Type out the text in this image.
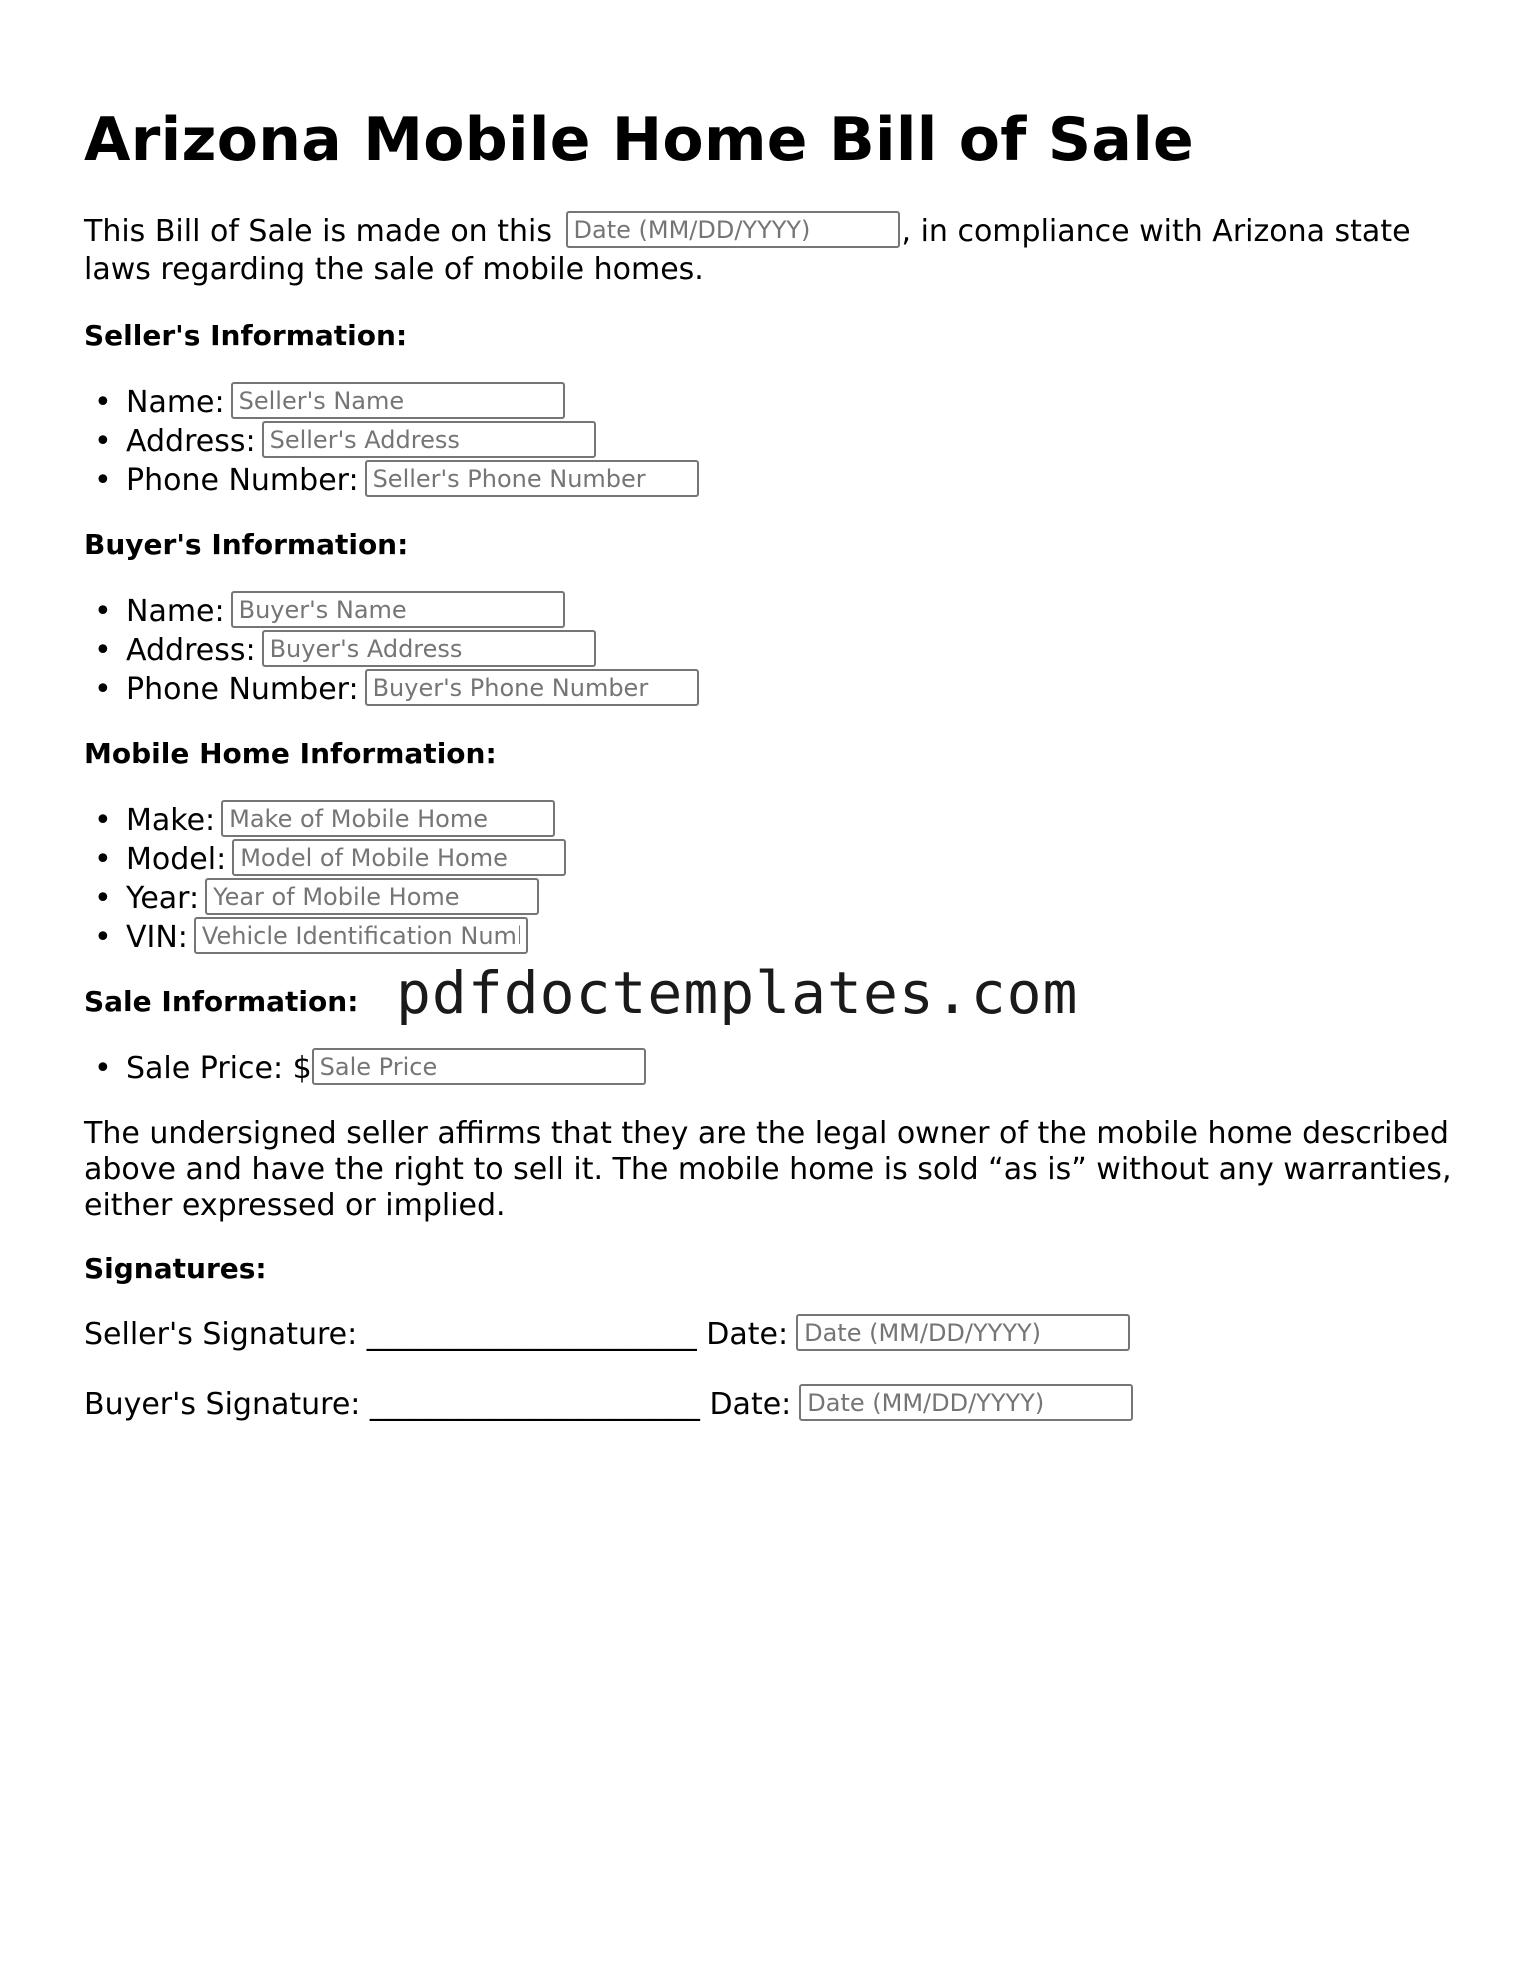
Arizona Mobile Home Bill of Sale

This Bill of Sale is made on this Date (MM/DD/YYYY)	, in compliance with Arizona state laws regarding the sale of mobile homes.

Seller's Information:
• Name:Seller's Name
• Address:Seller's Address
• Phone Number:Seller's Phone Number
Buyer's Information:
• Name:Buyer's Name
• Address:Buyer's Address
• Phone Number:Buyer's Phone Number
Mobile Home Information:
• Make:Make of Mobile Home
• Model:Model of Mobile Home
• Year:Year of Mobile Home
• VIN:Vehicle Identification Number
Sale Information:
• Sale Price: $Sale Price

The undersigned seller affirms that they are the legal owner of the mobile home described above and have the right to sell it. The mobile home is sold “as is” without any warranties, either expressed or implied.

Signatures:
Seller's Signature: ______________________ Date:Date (MM/DD/YYYY)
Buyer's Signature: ______________________ Date:Date (MM/DD/YYYY)
pdfdoctemplates.com
